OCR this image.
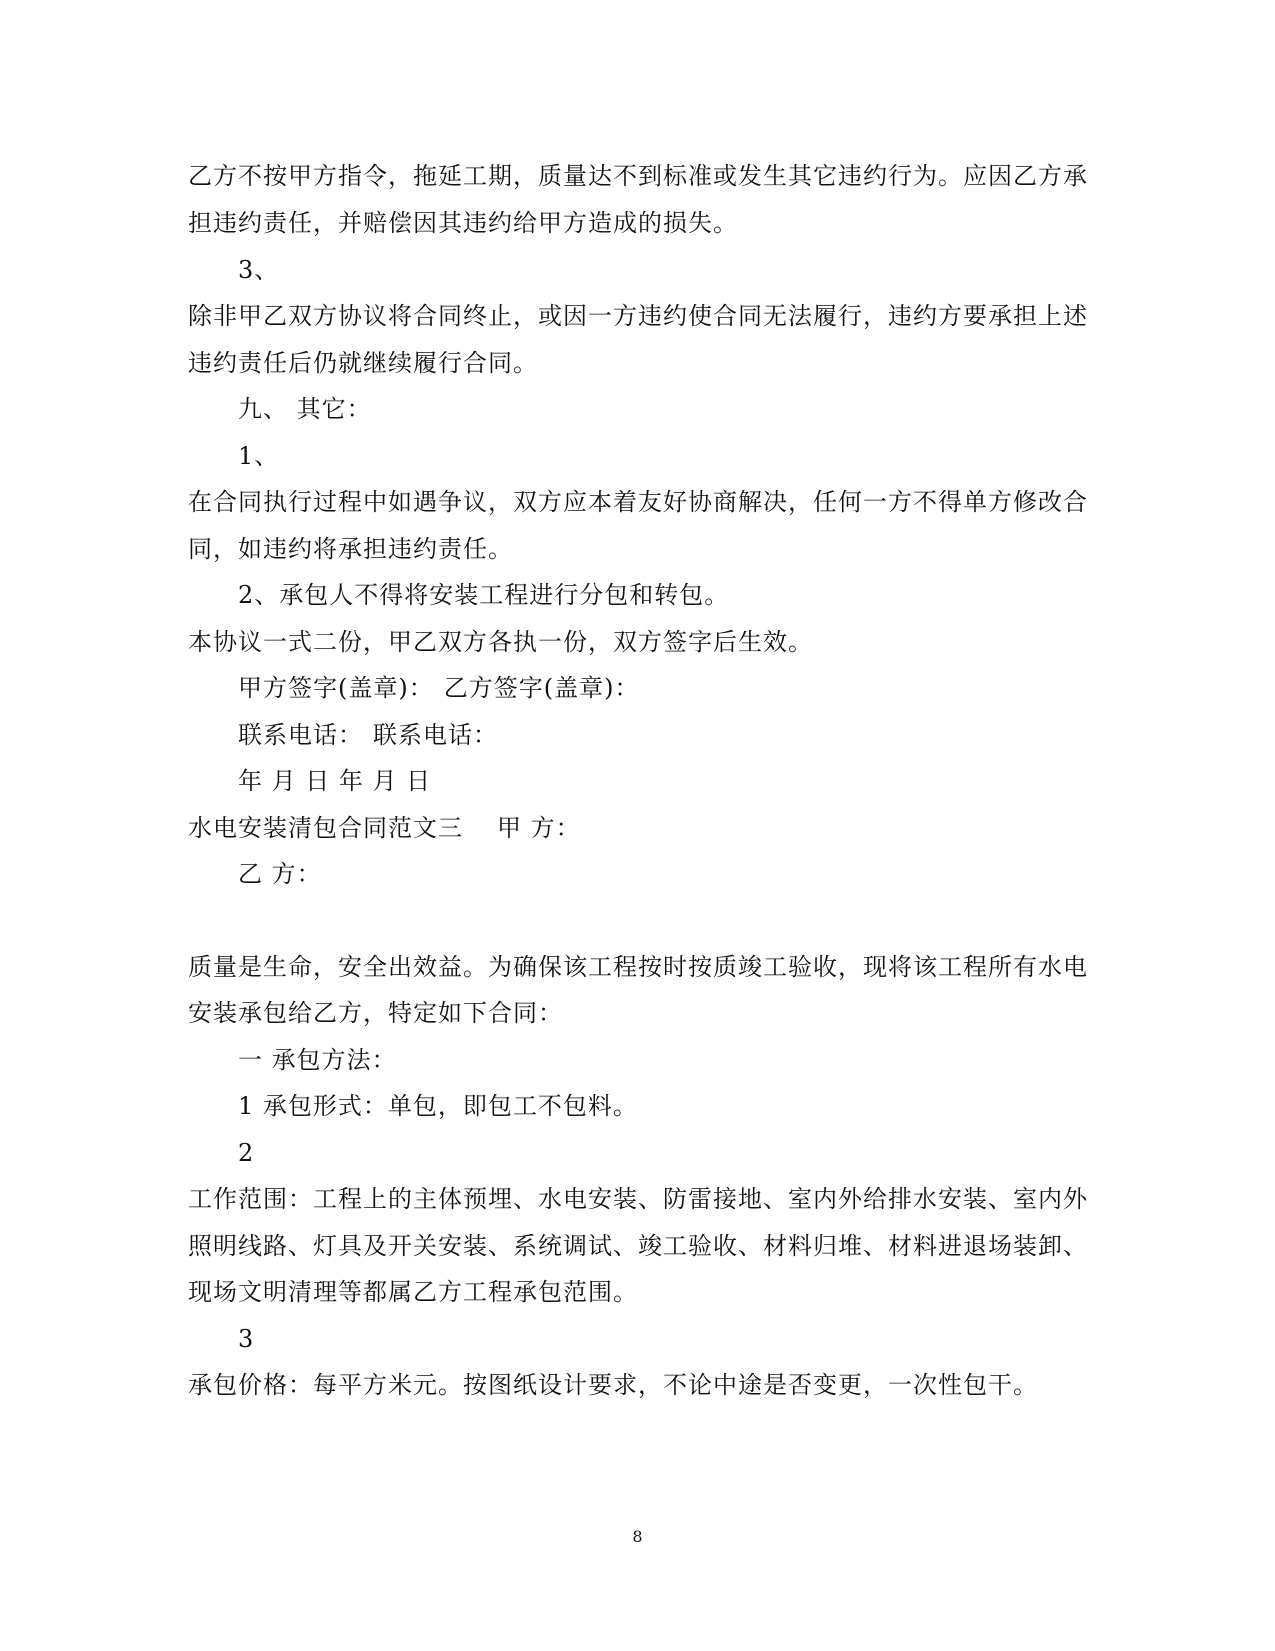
乙方不按甲方指令，拖延工期，质量达不到标准或发生其它违约行为。应因乙方承
担违约责任，并赔偿因其违约给甲方造成的损失。
3、
除非甲乙双方协议将合同终止，或因一方违约使合同无法履行，违约方要承担上述
违约责任后仍就继续履行合同。
九、 其它：
1、
在合同执行过程中如遇争议，双方应本着友好协商解决，任何一方不得单方修改合
同，如违约将承担违约责任。
2、承包人不得将安装工程进行分包和转包。
本协议一式二份，甲乙双方各执一份，双方签字后生效。
甲方签字(盖章)： 乙方签字(盖章)：
联系电话： 联系电话：
年 月 日 年 月 日
水电安装清包合同范文三 甲 方：
乙 方：
质量是生命，安全出效益。为确保该工程按时按质竣工验收，现将该工程所有水电
安装承包给乙方，特定如下合同：
一 承包方法：
1 承包形式：单包，即包工不包料。
2
工作范围：工程上的主体预埋、水电安装、防雷接地、室内外给排水安装、室内外
照明线路、灯具及开关安装、系统调试、竣工验收、材料归堆、材料进退场装卸、
现场文明清理等都属乙方工程承包范围。
3
承包价格：每平方米元。按图纸设计要求，不论中途是否变更，一次性包干。
8
